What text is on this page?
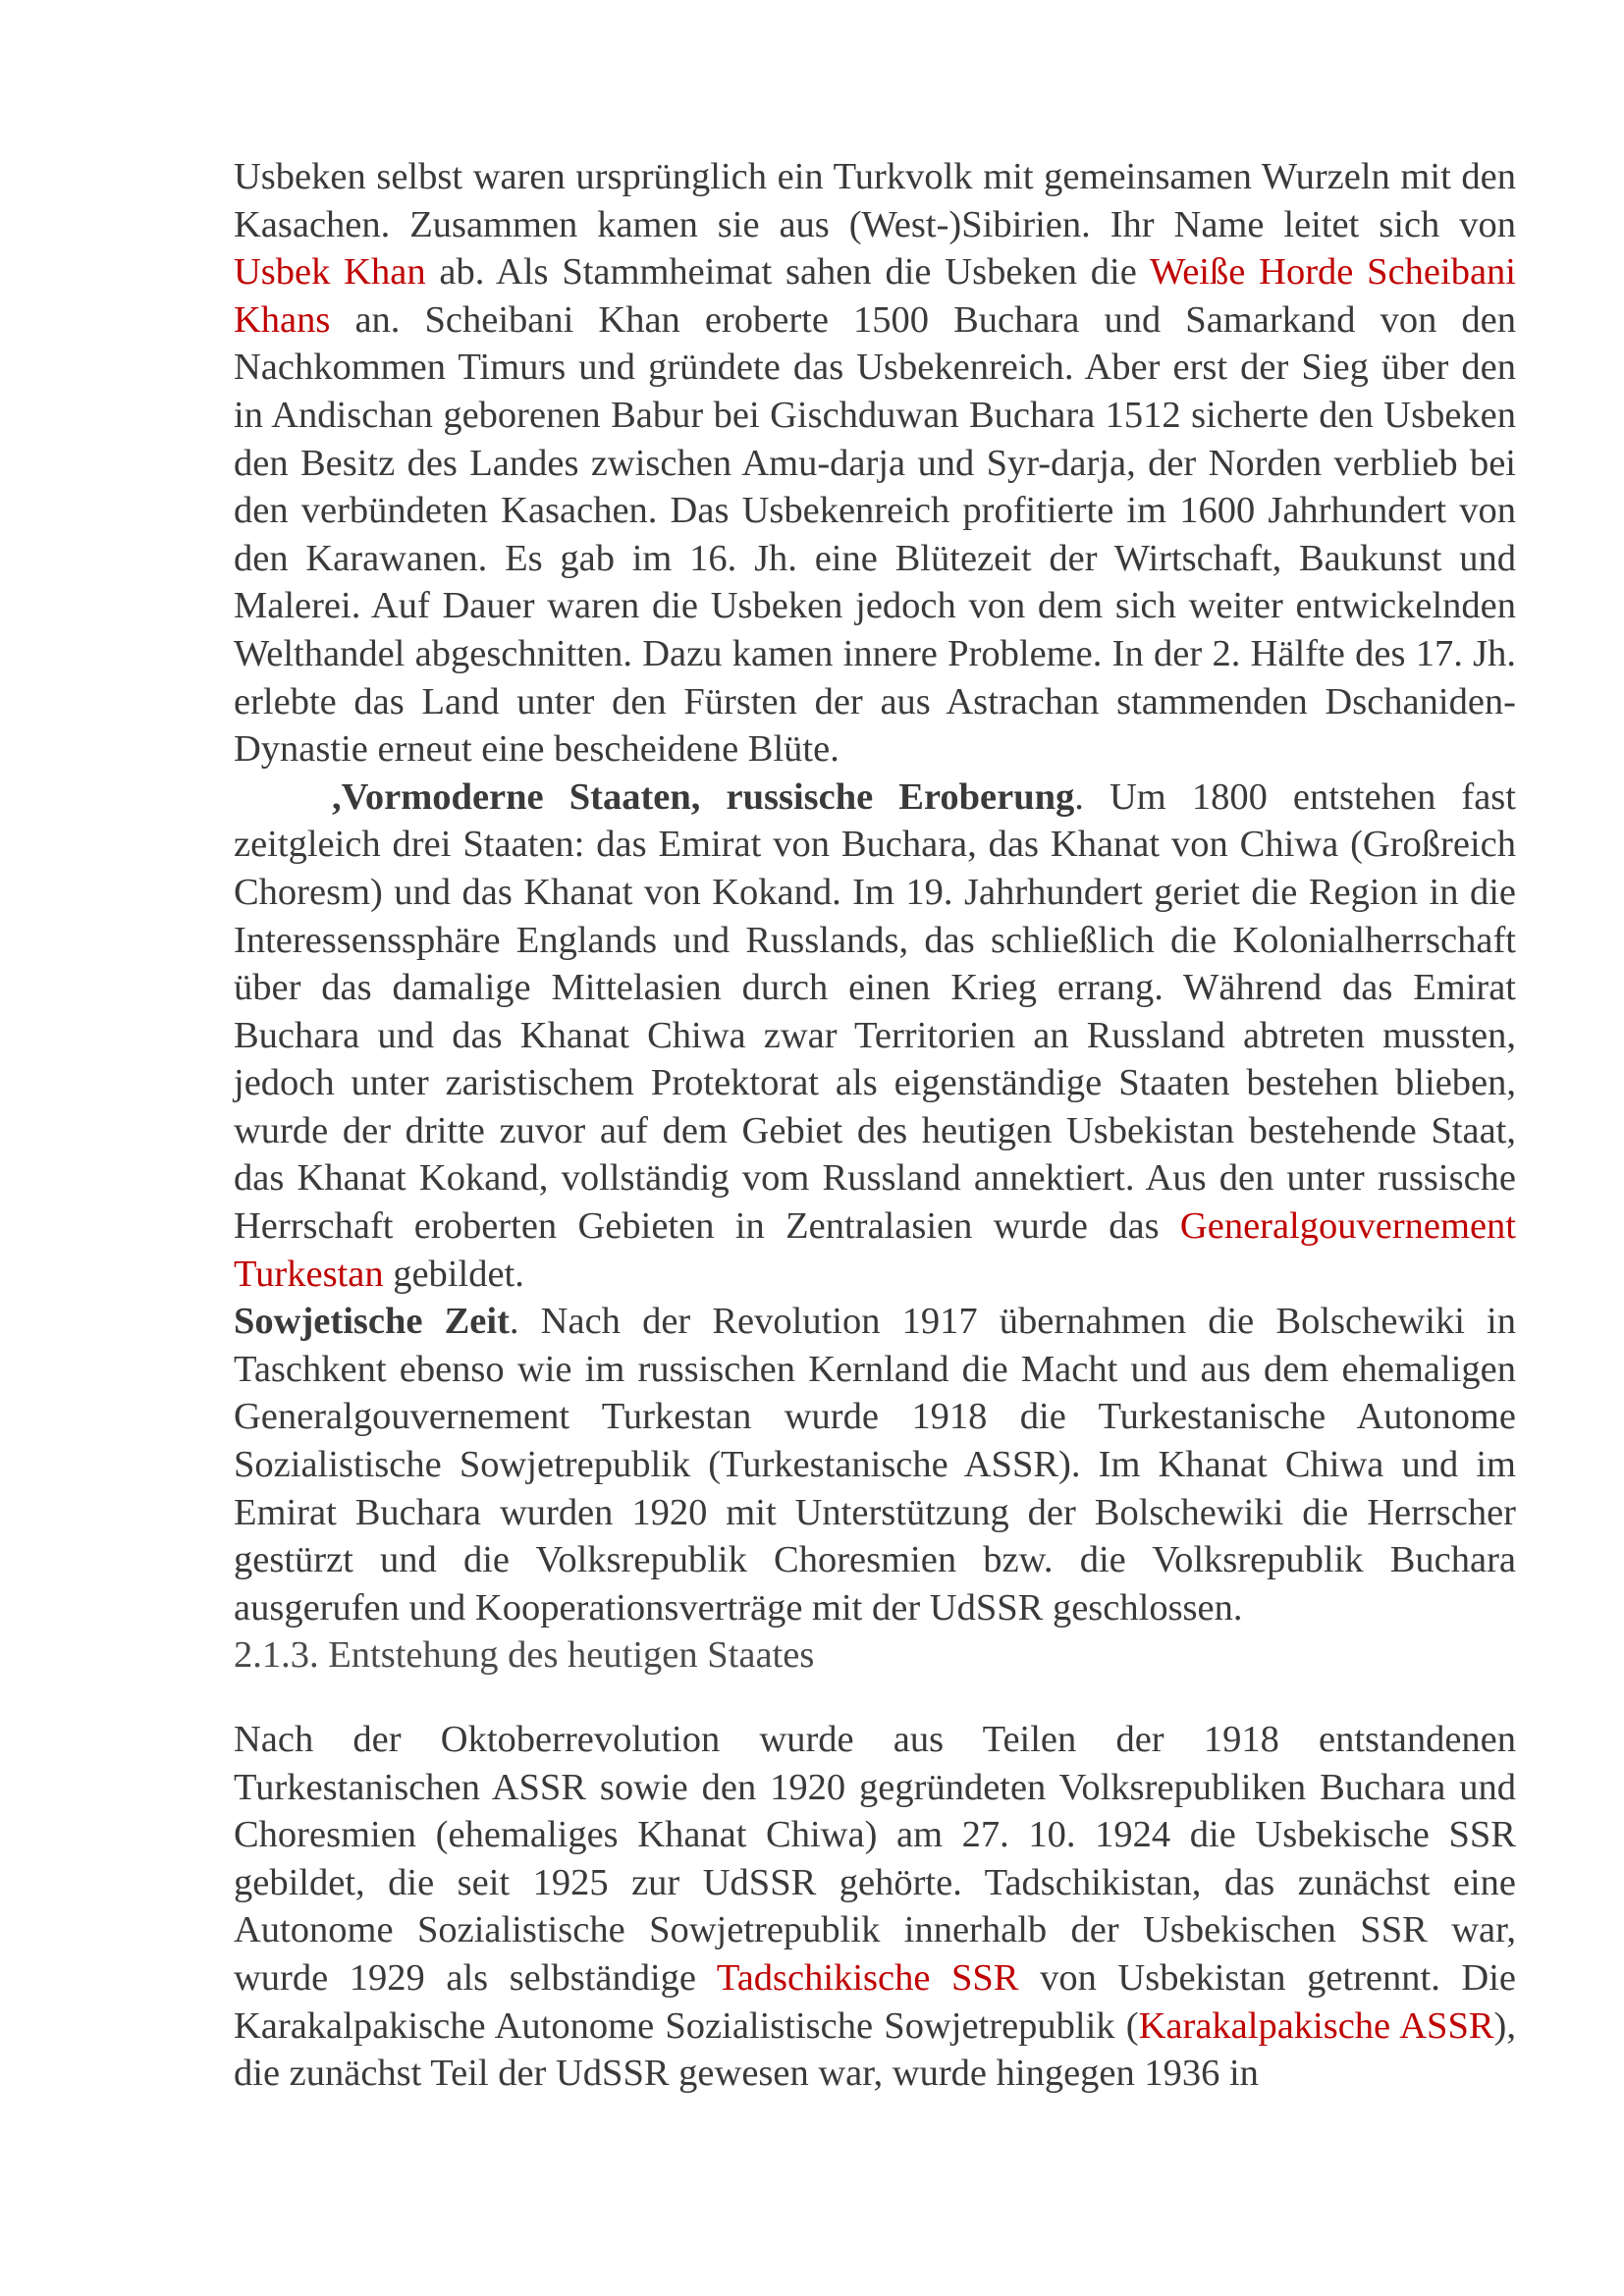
Usbeken selbst waren ursprünglich ein Turkvolk mit gemeinsamen Wurzeln mit den Kasachen. Zusammen kamen sie aus (West-)Sibirien. Ihr Name leitet sich von Usbek Khan ab. Als Stammheimat sahen die Usbeken die Weiße Horde Scheibani Khans an. Scheibani Khan eroberte 1500 Buchara und Samarkand von den Nachkommen Timurs und gründete das Usbekenreich. Aber erst der Sieg über den in Andischan geborenen Babur bei Gischduwan Buchara 1512 sicherte den Usbeken den Besitz des Landes zwischen Amu-darja und Syr-darja, der Norden verblieb bei den verbündeten Kasachen. Das Usbekenreich profitierte im 1600 Jahrhundert von den Karawanen. Es gab im 16. Jh. eine Blütezeit der Wirtschaft, Baukunst und Malerei. Auf Dauer waren die Usbeken jedoch von dem sich weiter entwickelnden Welthandel abgeschnitten. Dazu kamen innere Probleme. In der 2. Hälfte des 17. Jh. erlebte das Land unter den Fürsten der aus Astrachan stammenden Dschaniden-Dynastie erneut eine bescheidene Blüte.

,Vormoderne Staaten, russische Eroberung. Um 1800 entstehen fast zeitgleich drei Staaten: das Emirat von Buchara, das Khanat von Chiwa (Großreich Choresm) und das Khanat von Kokand. Im 19. Jahrhundert geriet die Region in die Interessenssphäre Englands und Russlands, das schließlich die Kolonialherrschaft über das damalige Mittelasien durch einen Krieg errang. Während das Emirat Buchara und das Khanat Chiwa zwar Territorien an Russland abtreten mussten, jedoch unter zaristischem Protektorat als eigenständige Staaten bestehen blieben, wurde der dritte zuvor auf dem Gebiet des heutigen Usbekistan bestehende Staat, das Khanat Kokand, vollständig vom Russland annektiert. Aus den unter russische Herrschaft eroberten Gebieten in Zentralasien wurde das Generalgouvernement Turkestan gebildet.

Sowjetische Zeit. Nach der Revolution 1917 übernahmen die Bolschewiki in Taschkent ebenso wie im russischen Kernland die Macht und aus dem ehemaligen Generalgouvernement Turkestan wurde 1918 die Turkestanische Autonome Sozialistische Sowjetrepublik (Turkestanische ASSR). Im Khanat Chiwa und im Emirat Buchara wurden 1920 mit Unterstützung der Bolschewiki die Herrscher gestürzt und die Volksrepublik Choresmien bzw. die Volksrepublik Buchara ausgerufen und Kooperationsverträge mit der UdSSR geschlossen.

2.1.3. Entstehung des heutigen Staates

Nach der Oktoberrevolution wurde aus Teilen der 1918 entstandenen Turkestanischen ASSR sowie den 1920 gegründeten Volksrepubliken Buchara und Choresmien (ehemaliges Khanat Chiwa) am 27. 10. 1924 die Usbekische SSR gebildet, die seit 1925 zur UdSSR gehörte. Tadschikistan, das zunächst eine Autonome Sozialistische Sowjetrepublik innerhalb der Usbekischen SSR war, wurde 1929 als selbständige Tadschikische SSR von Usbekistan getrennt. Die Karakalpakische Autonome Sozialistische Sowjetrepublik (Karakalpakische ASSR), die zunächst Teil der UdSSR gewesen war, wurde hingegen 1936 in
